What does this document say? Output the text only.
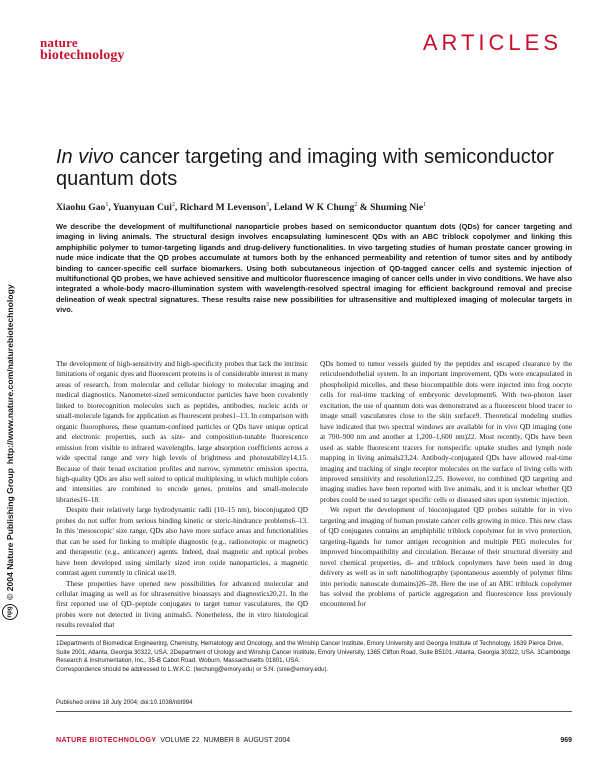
nature
biotechnology
ARTICLES
npg
© 2004 Nature Publishing Group
http://www.nature.com/naturebiotechnology
In vivo cancer targeting and imaging with semiconductor quantum dots
Xiaohu Gao$^1$, Yuanyuan Cui$^2$, Richard M Levenson$^3$, Leland W K Chung$^2$ & Shuming Nie$^1$

We describe the development of multifunctional nanoparticle probes based on semiconductor quantum dots (QDs) for cancer targeting and imaging in living animals. The structural design involves encapsulating luminescent QDs with an ABC triblock copolymer and linking this amphiphilic polymer to tumor-targeting ligands and drug-delivery functionalities. In vivo targeting studies of human prostate cancer growing in nude mice indicate that the QD probes accumulate at tumors both by the enhanced permeability and retention of tumor sites and by antibody binding to cancer-specific cell surface biomarkers. Using both subcutaneous injection of QD-tagged cancer cells and systemic injection of multifunctional QD probes, we have achieved sensitive and multicolor fluorescence imaging of cancer cells under in vivo conditions. We have also integrated a whole-body macro-illumination system with wavelength-resolved spectral imaging for efficient background removal and precise delineation of weak spectral signatures. These results raise new possibilities for ultrasensitive and multiplexed imaging of molecular targets in vivo.

The development of high-sensitivity and high-specificity probes that lack the intrinsic limitations of organic dyes and fluorescent proteins is of considerable interest in many areas of research, from molecular and cellular biology to molecular imaging and medical diagnostics. Nanometer-sized semiconductor particles have been covalently linked to biorecognition molecules such as peptides, antibodies, nucleic acids or small-molecule ligands for application as fluorescent probes1–13. In comparison with organic fluorophores, these quantum-confined particles or QDs have unique optical and electronic properties, such as size- and composition-tunable fluorescence emission from visible to infrared wavelengths, large absorption coefficients across a wide spectral range and very high levels of brightness and photostability14,15. Because of their broad excitation profiles and narrow, symmetric emission spectra, high-quality QDs are also well suited to optical multiplexing, in which multiple colors and intensities are combined to encode genes, proteins and small-molecule libraries16–18.

Despite their relatively large hydrodynamic radii (10–15 nm), bioconjugated QD probes do not suffer from serious binding kinetic or steric-hindrance problems6–13. In this 'mesoscopic' size range, QDs also have more surface areas and functionalities that can be used for linking to multiple diagnostic (e.g., radioisotopic or magnetic) and therapeutic (e.g., anticancer) agents. Indeed, dual magnetic and optical probes have been developed using similarly sized iron oxide nanoparticles, a magnetic contrast agent currently in clinical use19.

These properties have opened new possibilities for advanced molecular and cellular imaging as well as for ultrasensitive bioassays and diagnostics20,21. In the first reported use of QD–peptide conjugates to target tumor vasculatures, the QD probes were not detected in living animals5. Nonetheless, the in vitro histological results revealed that

QDs homed to tumor vessels guided by the peptides and escaped clearance by the reticuloendothelial system. In an important improvement, QDs were encapsulated in phospholipid micelles, and these biocompatible dots were injected into frog oocyte cells for real-time tracking of embryonic development6. With two-photon laser excitation, the use of quantum dots was demonstrated as a fluorescent blood tracer to image small vasculatures close to the skin surface9. Theoretical modeling studies have indicated that two spectral windows are available for in vivo QD imaging (one at 700–900 nm and another at 1,200–1,600 nm)22. Most recently, QDs have been used as stable fluorescent tracers for nonspecific uptake studies and lymph node mapping in living animals23,24. Antibody-conjugated QDs have allowed real-time imaging and tracking of single receptor molecules on the surface of living cells with improved sensitivity and resolution12,25. However, no combined QD targeting and imaging studies have been reported with live animals, and it is unclear whether QD probes could be used to target specific cells or diseased sites upon systemic injection.

We report the development of bioconjugated QD probes suitable for in vivo targeting and imaging of human prostate cancer cells growing in mice. This new class of QD conjugates contains an amphiphilic triblock copolymer for in vivo protection, targeting-ligands for tumor antigen recognition and multiple PEG molecules for improved biocompatibility and circulation. Because of their structural diversity and novel chemical properties, di- and triblock copolymers have been used in drug delivery as well as in soft nanolithography (spontaneous assembly of polymer films into periodic nanoscale domains)26–28. Here the use of an ABC triblock copolymer has solved the problems of particle aggregation and fluorescence loss previously encountered for

1Departments of Biomedical Engineering, Chemistry, Hematology and Oncology, and the Winship Cancer Institute, Emory University and Georgia Institute of Technology, 1639 Pierce Drive, Suite 2001, Atlanta, Georgia 30322, USA. 2Department of Urology and Winship Cancer Institute, Emory University, 1365 Clifton Road, Suite B5101, Atlanta, Georgia 30322, USA. 3Cambridge Research & Instrumentation, Inc., 35-B Cabot Road, Woburn, Massachusetts 01801, USA.

Correspondence should be addressed to L.W.K.C. (lwchung@emory.edu) or S.N. (snie@emory.edu).

Published online 18 July 2004; doi:10.1038/nbt994
NATURE BIOTECHNOLOGY VOLUME 22 NUMBER 8 AUGUST 2004	969
